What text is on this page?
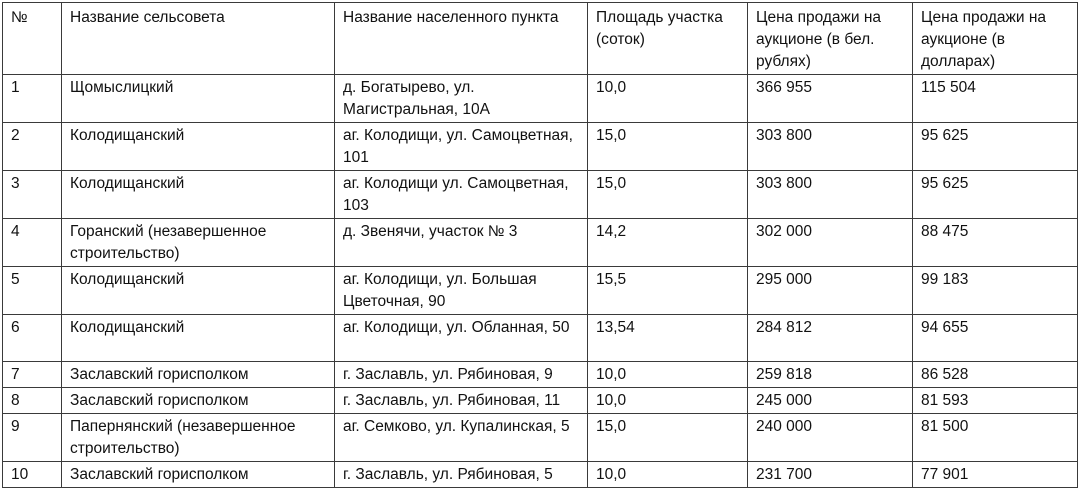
№	Название сельсовета	Название населенного пункта	Площадь участка (соток)	Цена продажи на аукционе (в бел. рублях)	Цена продажи на аукционе (в долларах)
1	Щомыслицкий	д. Богатырево, ул. Магистральная, 10А	10,0	366 955	115 504
2	Колодищанский	аг. Колодищи, ул. Самоцветная, 101	15,0	303 800	95 625
3	Колодищанский	аг. Колодищи ул. Самоцветная, 103	15,0	303 800	95 625
4	Горанский (незавершенное строительство)	д. Звенячи, участок № 3	14,2	302 000	88 475
5	Колодищанский	аг. Колодищи, ул. Большая Цветочная, 90	15,5	295 000	99 183
6	Колодищанский	аг. Колодищи, ул. Обланная, 50	13,54	284 812	94 655
7	Заславский горисполком	г. Заславль, ул. Рябиновая, 9	10,0	259 818	86 528
8	Заславский горисполком	г. Заславль, ул. Рябиновая, 11	10,0	245 000	81 593
9	Папернянский (незавершенное строительство)	аг. Семково, ул. Купалинская, 5	15,0	240 000	81 500
10	Заславский горисполком	г. Заславль, ул. Рябиновая, 5	10,0	231 700	77 901
